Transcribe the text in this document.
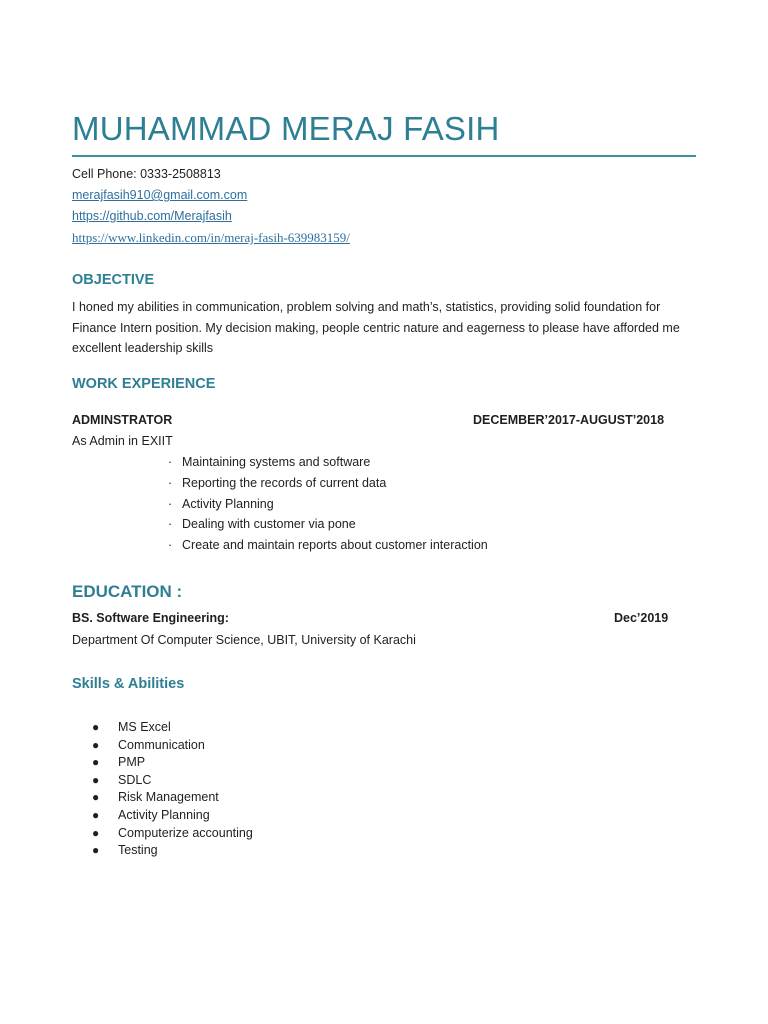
MUHAMMAD MERAJ FASIH
Cell Phone: 0333-2508813
merajfasih910@gmail.com.com
https://github.com/Merajfasih
https://www.linkedin.com/in/meraj-fasih-639983159/
OBJECTIVE
I honed my abilities in communication, problem solving and math’s, statistics, providing solid foundation for Finance Intern position. My decision making, people centric nature and eagerness to please have afforded me excellent leadership skills
WORK EXPERIENCE
ADMINSTRATOR	DECEMBER’2017-AUGUST’2018
As Admin in EXIIT
· Maintaining systems and software
· Reporting the records of current data
· Activity Planning
· Dealing with customer via pone
· Create and maintain reports about customer interaction
EDUCATION :
BS. Software Engineering:	Dec’2019
Department Of Computer Science, UBIT, University of Karachi
Skills & Abilities
● MS Excel
● Communication
● PMP
● SDLC
● Risk Management
● Activity Planning
● Computerize accounting
● Testing
